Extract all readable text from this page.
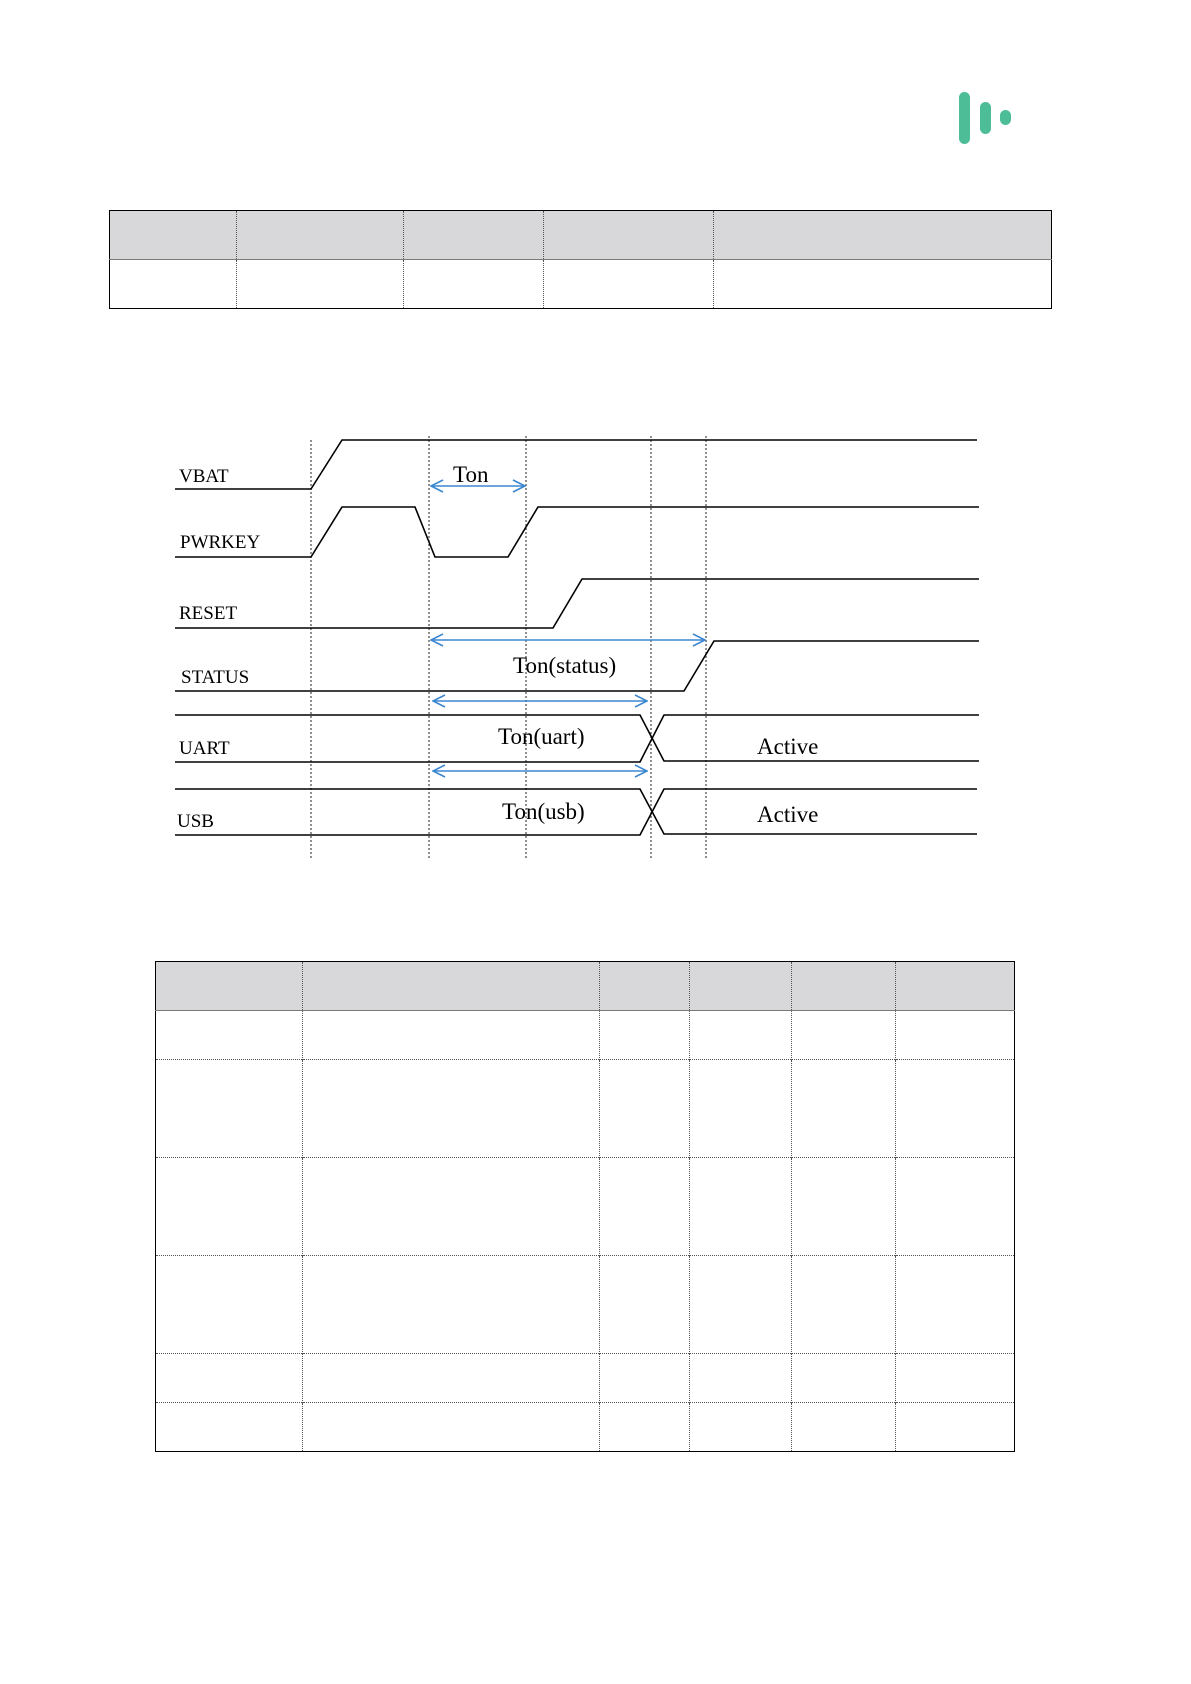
VBAT
PWRKEY
RESET
STATUS
UART
USB
Ton
Ton(status)
Ton(uart)
Ton(usb)
Active
Active
